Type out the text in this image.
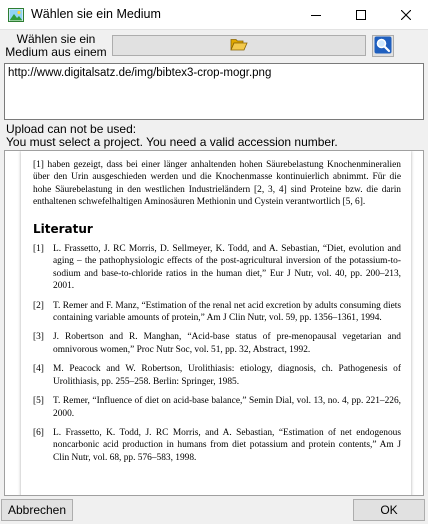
Wählen sie ein Medium
Wählen sie ein Medium aus einem
http://www.digitalsatz.de/img/bibtex3-crop-mogr.png
Upload can not be used:
You must select a project. You need a valid accession number.
[1] haben gezeigt, dass bei einer länger anhaltenden hohen Säurebelastung Knochenmineralien über den Urin ausgeschieden werden und die Knochenmasse kontinuierlich abnimmt. Für die hohe Säurebelastung in den westlichen Industrieländern [2, 3, 4] sind Proteine bzw. die darin enthaltenen schwefelhaltigen Aminosäuren Methionin und Cystein verantwortlich [5, 6].
Literatur
[1] L. Frassetto, J. RC Morris, D. Sellmeyer, K. Todd, and A. Sebastian, “Diet, evolution and aging – the pathophysiologic effects of the post-agricultural inversion of the potassium-to-sodium and base-to-chloride ratios in the human diet,” Eur J Nutr, vol. 40, pp. 200–213, 2001.
[2] T. Remer and F. Manz, “Estimation of the renal net acid excretion by adults consuming diets containing variable amounts of protein,” Am J Clin Nutr, vol. 59, pp. 1356–1361, 1994.
[3] J. Robertson and R. Manghan, “Acid-base status of pre-menopausal vegetarian and omnivorous women,” Proc Nutr Soc, vol. 51, pp. 32, Abstract, 1992.
[4] M. Peacock and W. Robertson, Urolithiasis: etiology, diagnosis, ch. Pathogenesis of Urolithiasis, pp. 255–258. Berlin: Springer, 1985.
[5] T. Remer, “Influence of diet on acid-base balance,” Semin Dial, vol. 13, no. 4, pp. 221–226, 2000.
[6] L. Frassetto, K. Todd, J. RC Morris, and A. Sebastian, “Estimation of net endogenous noncarbonic acid production in humans from diet potassium and protein contents,” Am J Clin Nutr, vol. 68, pp. 576–583, 1998.
Abbrechen	OK
